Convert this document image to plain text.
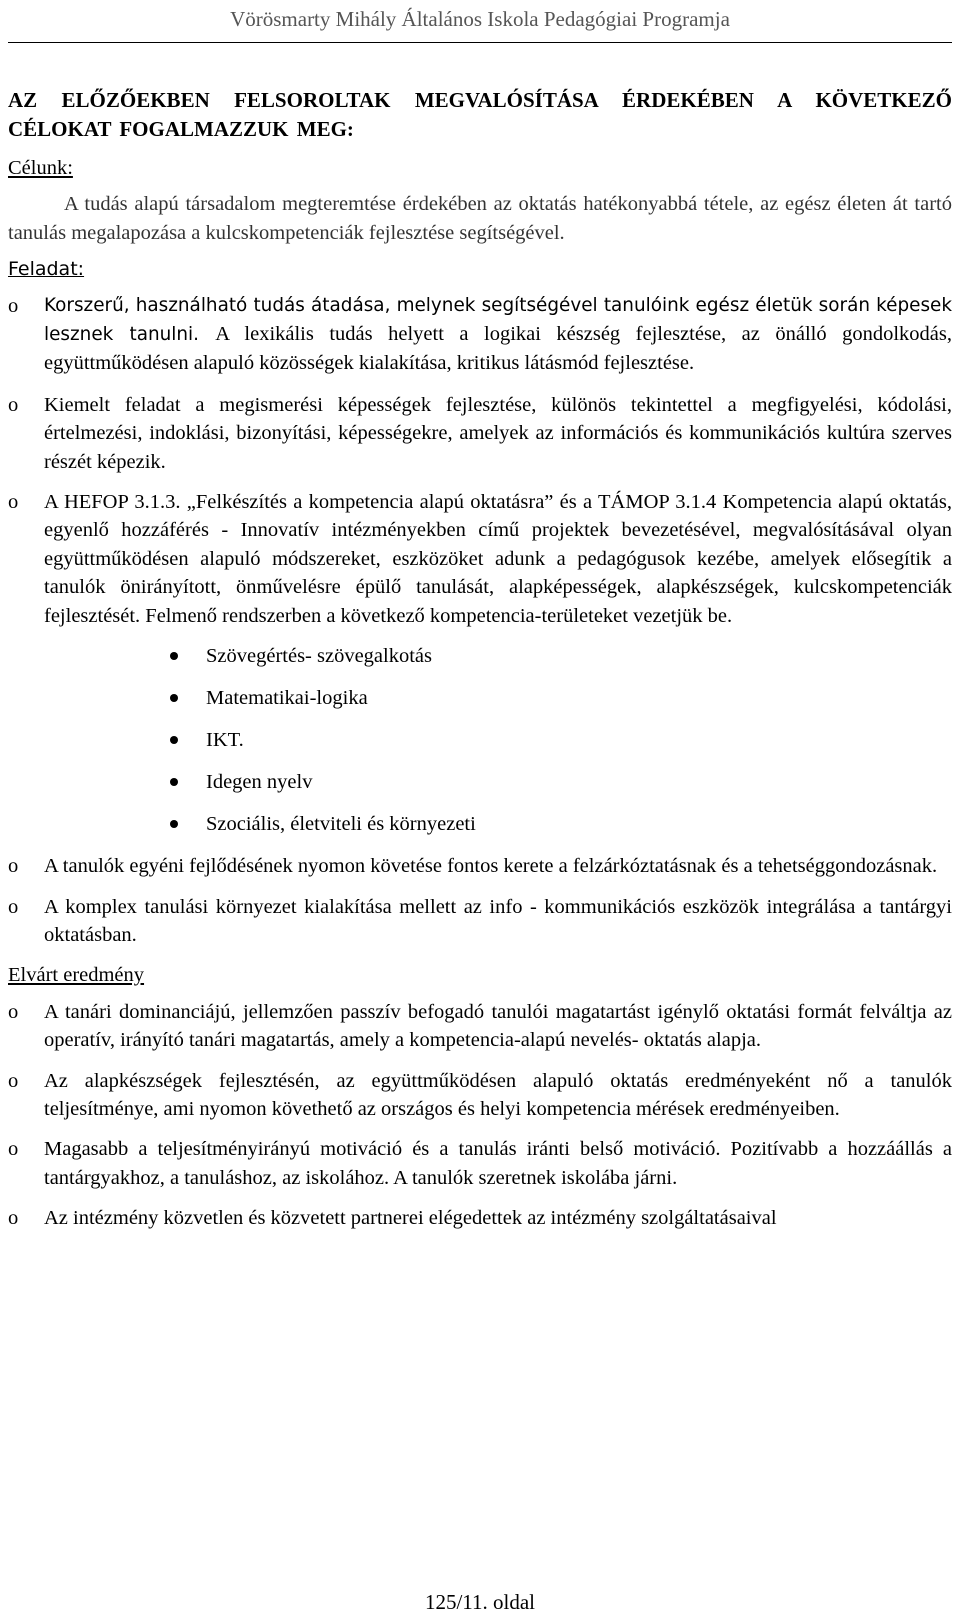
Vörösmarty Mihály Általános Iskola Pedagógiai Programja

AZ ELŐZŐEKBEN FELSOROLTAK MEGVALÓSÍTÁSA ÉRDEKÉBEN A KÖVETKEZŐ CÉLOKAT FOGALMAZZUK MEG:

Célunk:

A tudás alapú társadalom megteremtése érdekében az oktatás hatékonyabbá tétele, az egész életen át tartó tanulás megalapozása a kulcskompetenciák fejlesztése segítségével.

Feladat:
o Korszerű, használható tudás átadása, melynek segítségével tanulóink egész életük során képesek lesznek tanulni. A lexikális tudás helyett a logikai készség fejlesztése, az önálló gondolkodás, együttműködésen alapuló közösségek kialakítása, kritikus látásmód fejlesztése.
o Kiemelt feladat a megismerési képességek fejlesztése, különös tekintettel a megfigyelési, kódolási, értelmezési, indoklási, bizonyítási, képességekre, amelyek az információs és kommunikációs kultúra szerves részét képezik.
o A HEFOP 3.1.3. „Felkészítés a kompetencia alapú oktatásra” és a TÁMOP 3.1.4 Kompetencia alapú oktatás, egyenlő hozzáférés - Innovatív intézményekben című projektek bevezetésével, megvalósításával olyan együttműködésen alapuló módszereket, eszközöket adunk a pedagógusok kezébe, amelyek elősegítik a tanulók önirányított, önművelésre épülő tanulását, alapképességek, alapkészségek, kulcskompetenciák fejlesztését. Felmenő rendszerben a következő kompetencia-területeket vezetjük be.
Szövegértés- szövegalkotás
Matematikai-logika
IKT.
Idegen nyelv
Szociális, életviteli és környezeti
o A tanulók egyéni fejlődésének nyomon követése fontos kerete a felzárkóztatásnak és a tehetséggondozásnak.
o A komplex tanulási környezet kialakítása mellett az info - kommunikációs eszközök integrálása a tantárgyi oktatásban.
Elvárt eredmény
o A tanári dominanciájú, jellemzően passzív befogadó tanulói magatartást igénylő oktatási formát felváltja az operatív, irányító tanári magatartás, amely a kompetencia-alapú nevelés- oktatás alapja.
o Az alapkészségek fejlesztésén, az együttműködésen alapuló oktatás eredményeként nő a tanulók teljesítménye, ami nyomon követhető az országos és helyi kompetencia mérések eredményeiben.
o Magasabb a teljesítményirányú motiváció és a tanulás iránti belső motiváció. Pozitívabb a hozzáállás a tantárgyakhoz, a tanuláshoz, az iskolához. A tanulók szeretnek iskolába járni.
o Az intézmény közvetlen és közvetett partnerei elégedettek az intézmény szolgáltatásaival
125/11. oldal
